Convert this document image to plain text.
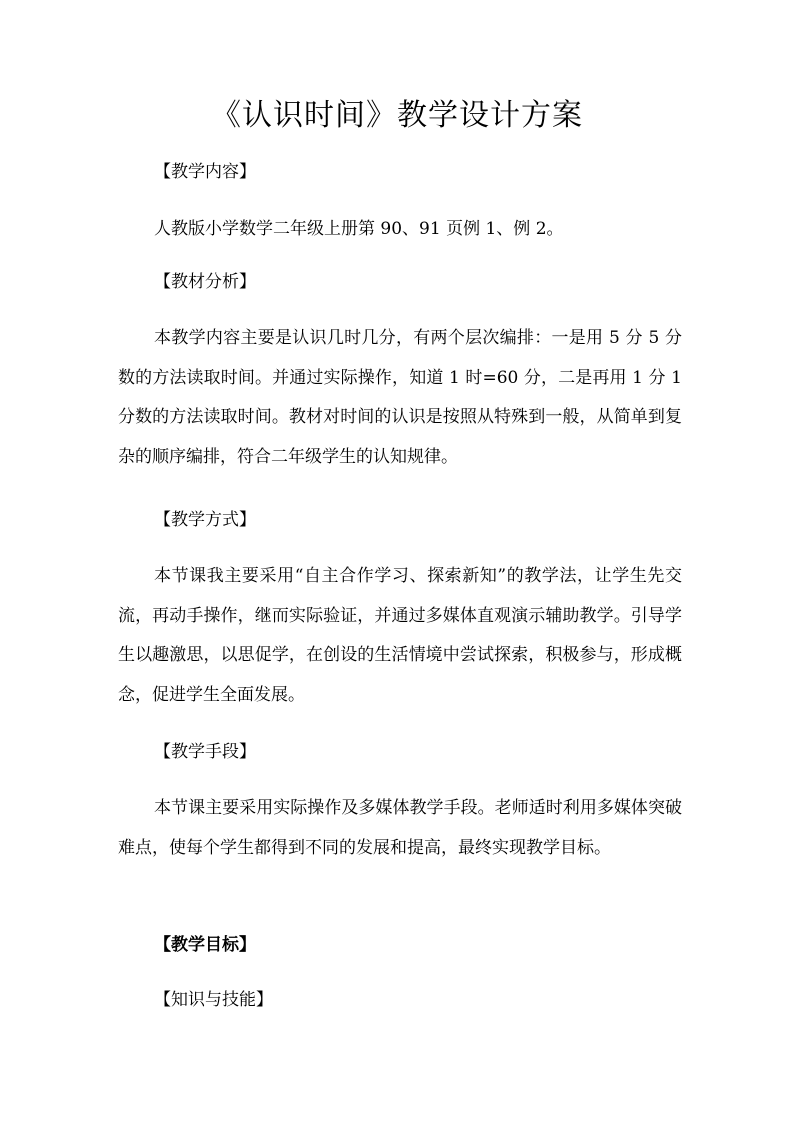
《认识时间》教学设计方案
【教学内容】

人教版小学数学二年级上册第 90、91 页例 1、例 2。

【教材分析】

本教学内容主要是认识几时几分，有两个层次编排：一是用 5 分 5 分数的方法读取时间。并通过实际操作，知道 1 时=60 分，二是再用 1 分 1 分数的方法读取时间。教材对时间的认识是按照从特殊到一般，从简单到复杂的顺序编排，符合二年级学生的认知规律。

【教学方式】

本节课我主要采用“自主合作学习、探索新知”的教学法，让学生先交流，再动手操作，继而实际验证，并通过多媒体直观演示辅助教学。引导学生以趣激思，以思促学，在创设的生活情境中尝试探索，积极参与，形成概念，促进学生全面发展。

【教学手段】

本节课主要采用实际操作及多媒体教学手段。老师适时利用多媒体突破难点，使每个学生都得到不同的发展和提高，最终实现教学目标。

【教学目标】
【知识与技能】
